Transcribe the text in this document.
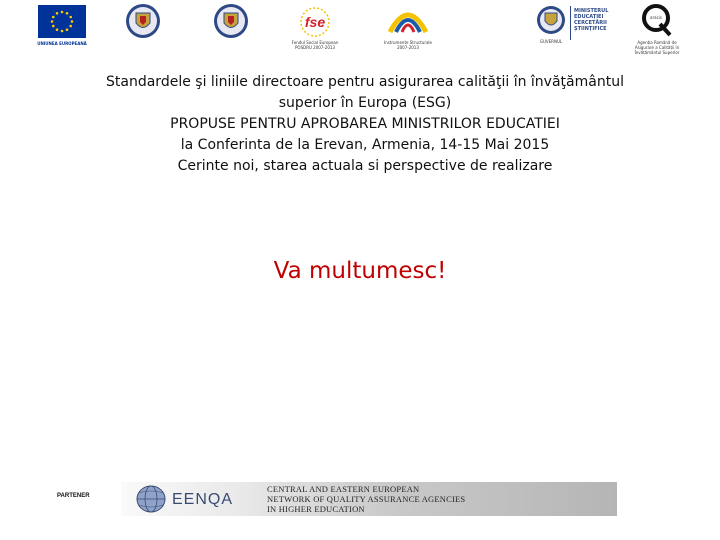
UNIUNEA EUROPEANĂ
fse
Fondul Social European
POSDRU 2007-2013
Instrumente Structurale
2007-2013
GUVERNUL
MINISTERUL
EDUCAȚIEI
CERCETĂRII
ȘTIINȚIFICE
aracis
Agenția Română de
Asigurare a Calității în
Învățământul Superior
Standardele şi liniile directoare pentru asigurarea calităţii în învăţământul
superior în Europa (ESG)
PROPUSE PENTRU APROBAREA MINISTRILOR EDUCATIEI
la Conferinta de la Erevan, Armenia, 14-15 Mai 2015
Cerinte noi, starea actuala si perspective de realizare
Va multumesc!
PARTENER	EENQA
CENTRAL AND EASTERN EUROPEAN
NETWORK OF QUALITY ASSURANCE AGENCIES
IN HIGHER EDUCATION
